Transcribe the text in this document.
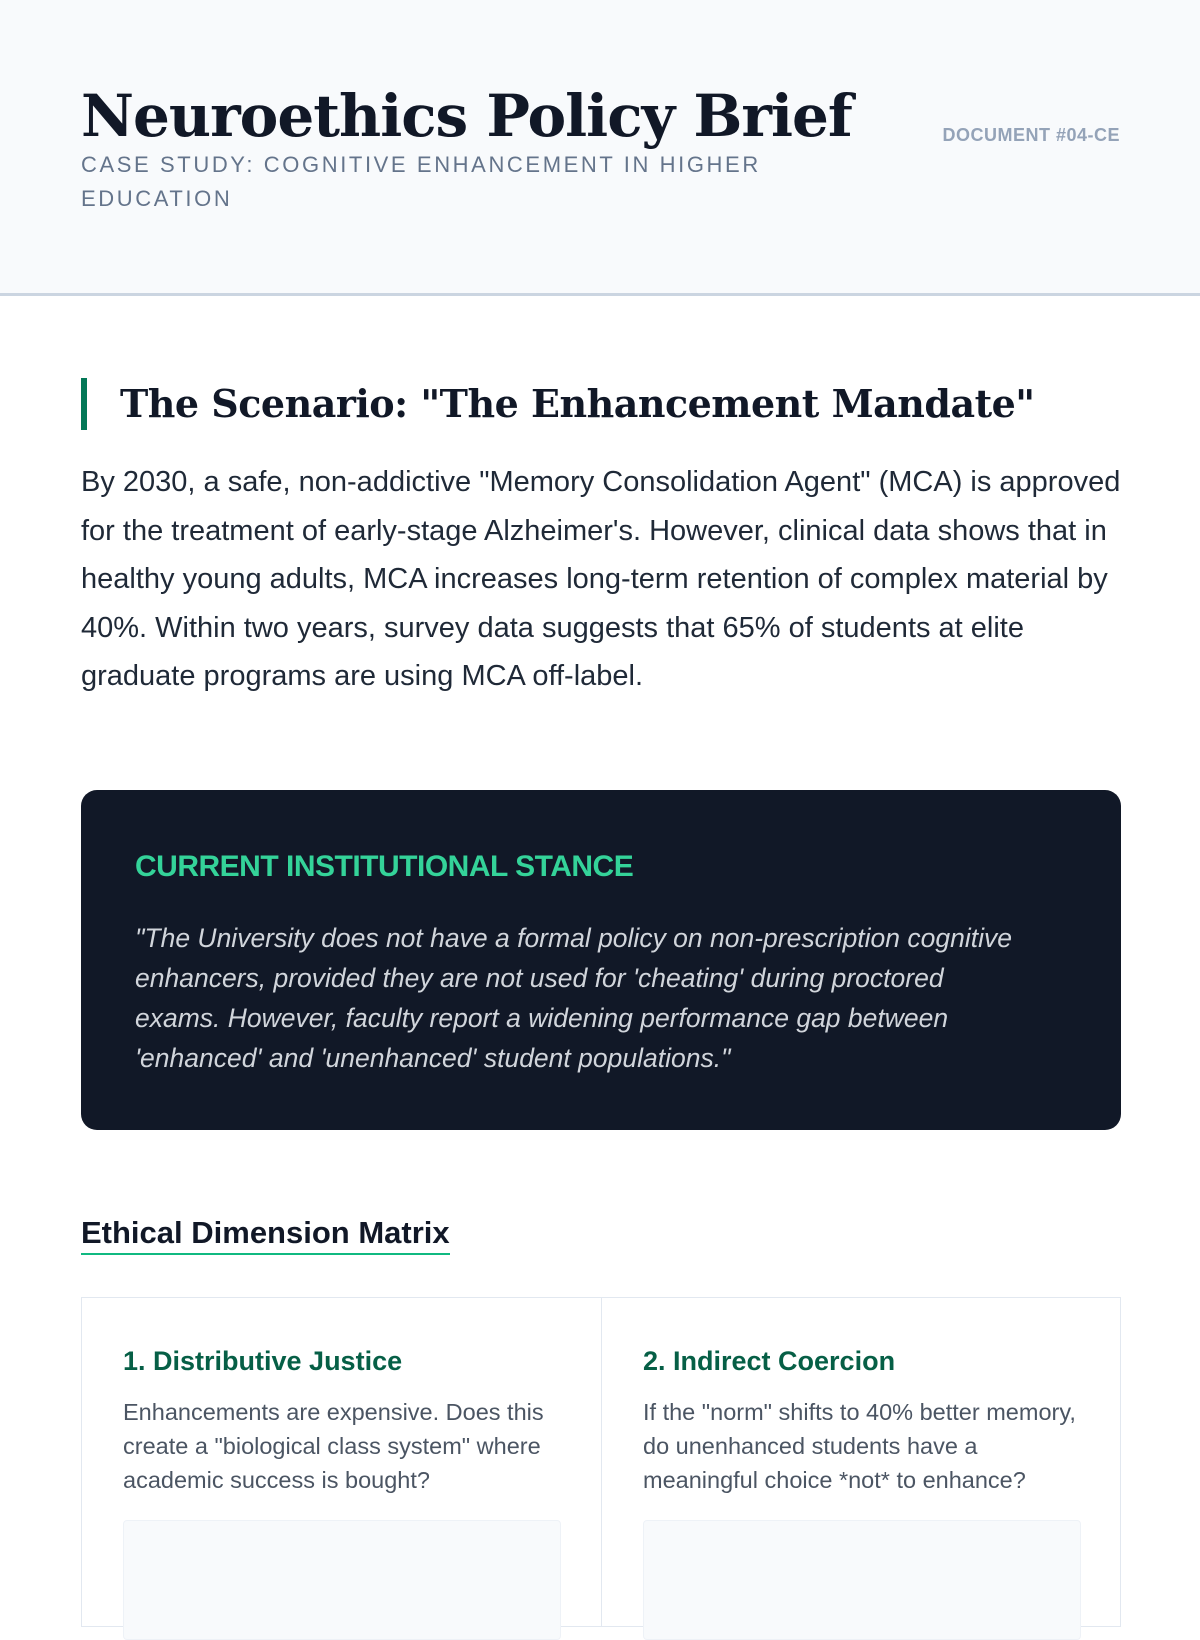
Neuroethics Policy Brief
CASE STUDY: COGNITIVE ENHANCEMENT IN HIGHER EDUCATION
DOCUMENT #04-CE
The Scenario: "The Enhancement Mandate"

By 2030, a safe, non-addictive "Memory Consolidation Agent" (MCA) is approved for the treatment of early-stage Alzheimer's. However, clinical data shows that in healthy young adults, MCA increases long-term retention of complex material by 40%. Within two years, survey data suggests that 65% of students at elite graduate programs are using MCA off-label.

CURRENT INSTITUTIONAL STANCE

"The University does not have a formal policy on non-prescription cognitive enhancers, provided they are not used for 'cheating' during proctored exams. However, faculty report a widening performance gap between 'enhanced' and 'unenhanced' student populations."

Ethical Dimension Matrix
1. Distributive Justice

Enhancements are expensive. Does this create a "biological class system" where academic success is bought?

2. Indirect Coercion

If the "norm" shifts to 40% better memory, do unenhanced students have a meaningful choice *not* to enhance?
